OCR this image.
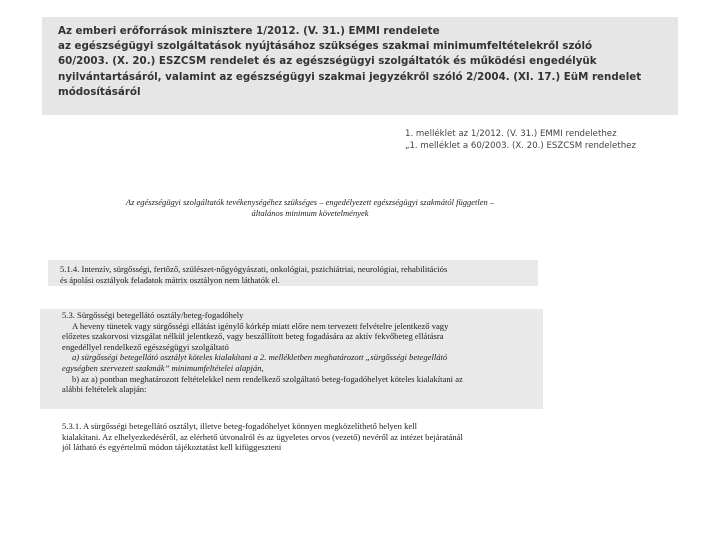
Az emberi erőforrások minisztere 1/2012. (V. 31.) EMMI rendelete
az egészségügyi szolgáltatások nyújtásához szükséges szakmai minimumfeltételekről szóló
60/2003. (X. 20.) ESZCSM rendelet és az egészségügyi szolgáltatók és működési engedélyük
nyilvántartásáról, valamint az egészségügyi szakmai jegyzékről szóló 2/2004. (XI. 17.) EüM rendelet
módosításáról
1. melléklet az 1/2012. (V. 31.) EMMI rendelethez
„1. melléklet a 60/2003. (X. 20.) ESZCSM rendelethez
Az egészségügyi szolgáltatók tevékenységéhez szükséges – engedélyezett egészségügyi szakmától független –
általános minimum követelmények
5.1.4. Intenzív, sürgősségi, fertőző, szülészet-nőgyógyászati, onkológiai, pszichiátriai, neurológiai, rehabilitációs
és ápolási osztályok feladatok mátrix osztályon nem láthatók el.
5.3. Sürgősségi betegellátó osztály/beteg-fogadóhely
A heveny tünetek vagy sürgősségi ellátást igénylő kórkép miatt előre nem tervezett felvételre jelentkező vagy
előzetes szakorvosi vizsgálat nélkül jelentkező, vagy beszállított beteg fogadására az aktív fekvőbeteg ellátásra
engedéllyel rendelkező egészségügyi szolgáltató
a) sürgősségi betegellátó osztályt köteles kialakítani a 2. mellékletben meghatározott „sürgősségi betegellátó
egységben szervezett szakmák” minimumfeltételei alapján,
b) az a) pontban meghatározott feltételekkel nem rendelkező szolgáltató beteg-fogadóhelyet köteles kialakítani az
alábbi feltételek alapján:
5.3.1. A sürgősségi betegellátó osztályt, illetve beteg-fogadóhelyet könnyen megközelíthető helyen kell
kialakítani. Az elhelyezkedéséről, az elérhető útvonalról és az ügyeletes orvos (vezető) nevéről az intézet bejáratánál
jól látható és egyértelmű módon tájékoztatást kell kifüggeszteni
